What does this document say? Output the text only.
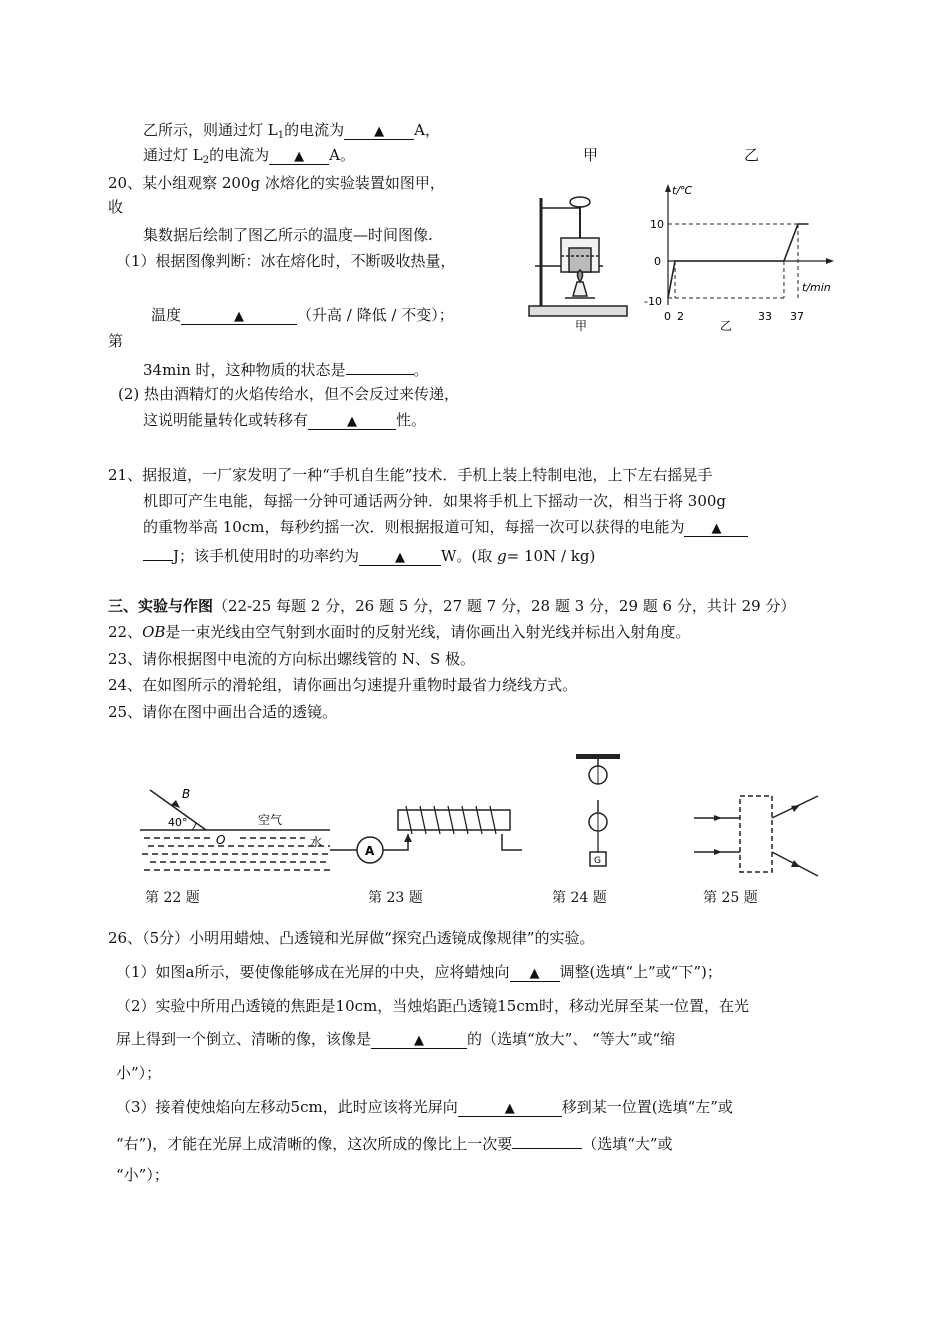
乙所示，则通过灯 $L_1$的电流为 ▲ A，
通过灯 $L_2$的电流为 ▲ A。	甲	乙
20、某小组观察 200g 冰熔化的实验装置如图甲，
收
集数据后绘制了图乙所示的温度—时间图像.
（1）根据图像判断：冰在熔化时，不断吸收热量，
温度	▲	（升高 / 降低 / 不变）；
第
34min 时，这种物质的状态是	。
(2) 热由酒精灯的火焰传给水，但不会反过来传递，
这说明能量转化或转移有	▲	性。
甲
t/℃
t/min
10
0
-10
0 2	33 37
乙
21、据报道，一厂家发明了一种“手机自生能”技术．手机上装上特制电池，上下左右摇晃手
机即可产生电能，每摇一分钟可通话两分钟．如果将手机上下摇动一次，相当于将 300g
的重物举高 10cm，每秒约摇一次．则根据报道可知，每摇一次可以获得的电能为 ▲
J；该手机使用时的功率约为	▲ W。(取 g= 10N / kg)
三、实验与作图（22-25 每题 2 分，26 题 5 分，27 题 7 分，28 题 3 分，29 题 6 分，共计 29 分）
22、OB是一束光线由空气射到水面时的反射光线，请你画出入射光线并标出入射角度。
23、请你根据图中电流的方向标出螺线管的 N、S 极。
24、在如图所示的滑轮组，请你画出匀速提升重物时最省力绕线方式。
25、请你在图中画出合适的透镜。
B
40°
O
空气
水
第 22 题
A
第 23 题
G
第 24 题	第 25 题
26、（5分）小明用蜡烛、凸透镜和光屏做“探究凸透镜成像规律”的实验。
（1）如图a所示，要使像能够成在光屏的中央，应将蜡烛向 ▲ 调整(选填“上”或“下”)；
（2）实验中所用凸透镜的焦距是10cm，当烛焰距凸透镜15cm时，移动光屏至某一位置，在光
屏上得到一个倒立、清晰的像，该像是	▲	的（选填“放大”、 “等大”或“缩
小”）；
（3）接着使烛焰向左移动5cm，此时应该将光屏向	▲	移到某一位置(选填“左”或
“右”)，才能在光屏上成清晰的像，这次所成的像比上一次要	（选填“大”或
“小”）；
